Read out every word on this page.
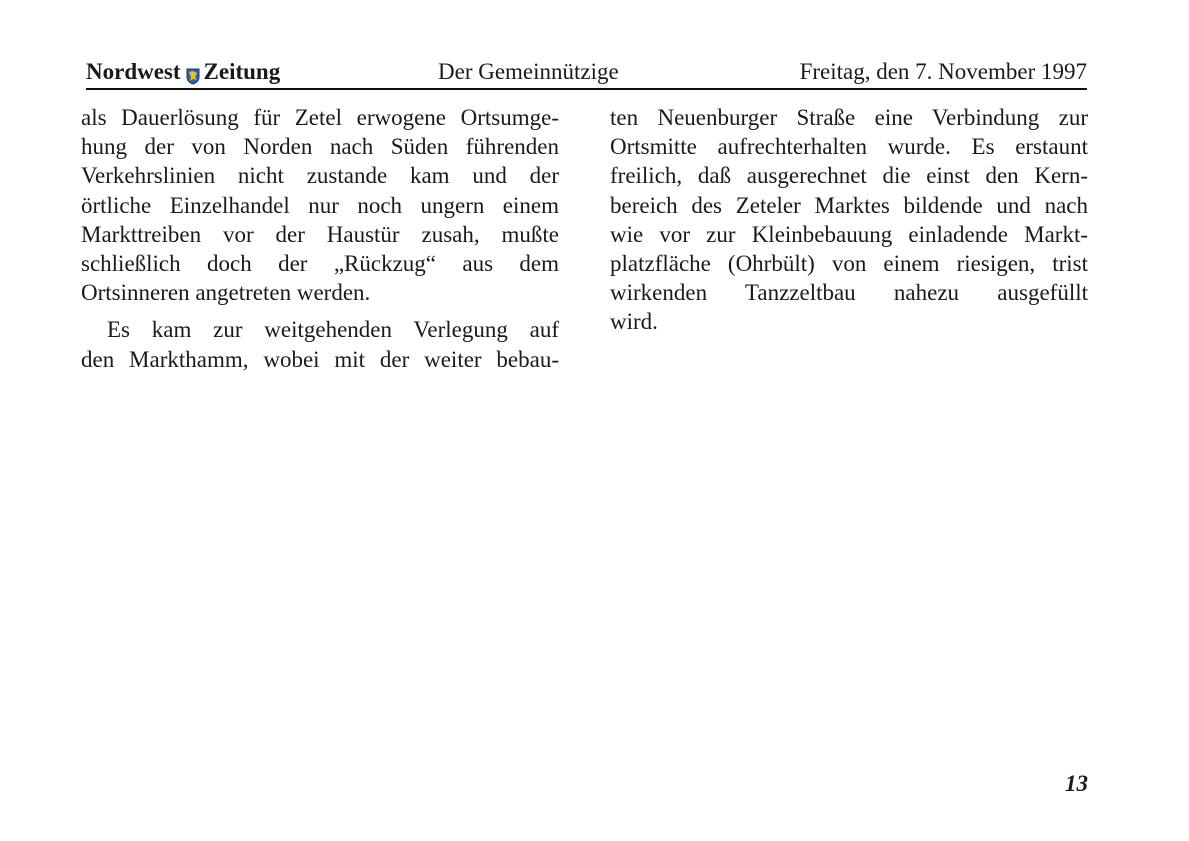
Nordwest Zeitung	Der Gemeinnützige	Freitag, den 7. November 1997

als Dauerlösung für Zetel erwogene Ortsumge-
hung der von Norden nach Süden führenden
Verkehrslinien nicht zustande kam und der
örtliche Einzelhandel nur noch ungern einem
Markttreiben vor der Haustür zusah, mußte
schließlich doch der „Rückzug“ aus dem
Ortsinneren angetreten werden.

Es kam zur weitgehenden Verlegung auf
den Markthamm, wobei mit der weiter bebau-

ten Neuenburger Straße eine Verbindung zur
Ortsmitte aufrechterhalten wurde. Es erstaunt
freilich, daß ausgerechnet die einst den Kern-
bereich des Zeteler Marktes bildende und nach
wie vor zur Kleinbebauung einladende Markt-
platzfläche (Ohrbült) von einem riesigen, trist
wirkenden Tanzzeltbau nahezu ausgefüllt
wird.

13
